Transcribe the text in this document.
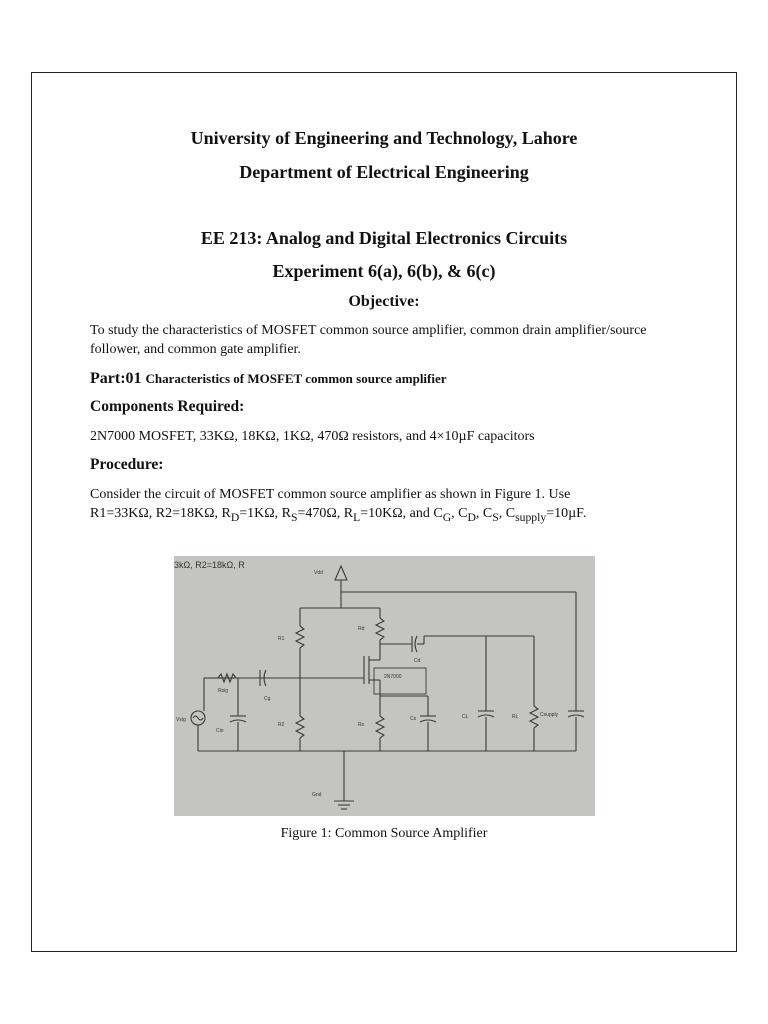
University of Engineering and Technology, Lahore
Department of Electrical Engineering
EE 213: Analog and Digital Electronics Circuits
Experiment 6(a), 6(b), & 6(c)
Objective:

To study the characteristics of MOSFET common source amplifier, common drain amplifier/source follower, and common gate amplifier.

Part:01 Characteristics of MOSFET common source amplifier

Components Required:

2N7000 MOSFET, 33KΩ, 18KΩ, 1KΩ, 470Ω resistors, and 4×10µF capacitors

Procedure:

Consider the circuit of MOSFET common source amplifier as shown in Figure 1. Use
R1=33KΩ, R2=18KΩ, $R_D=1K\Omega$, $R_S=470\Omega$, $R_L=10K\Omega$, and $C_G$, $C_D$, $C_S$, $C_{supply}=10\mu F$.

3kΩ, R2=18kΩ, R
Vdd
R1
R2
Rd
Cd
2N7000
Rs
Cs	CL	RL	Csupply
Rsig
Vsig
Cin
Cg
Gnd

Figure 1: Common Source Amplifier
